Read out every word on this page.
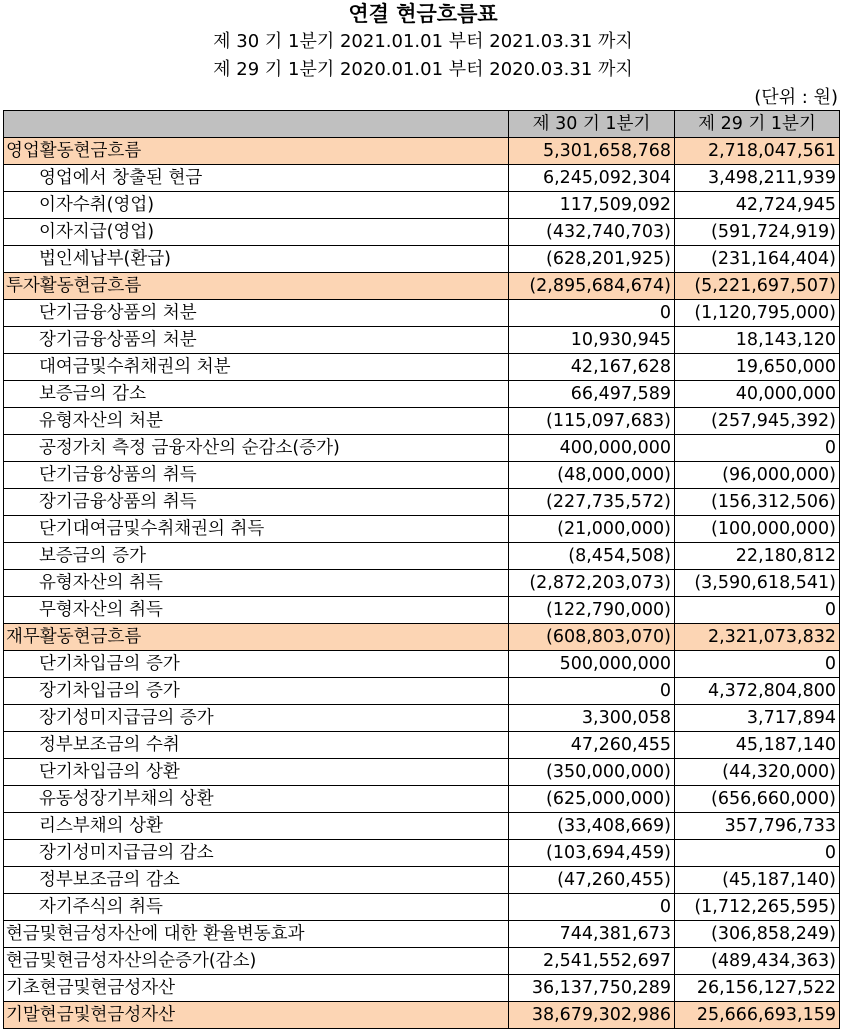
연결 현금흐름표
제 30 기 1분기 2021.01.01 부터 2021.03.31 까지
제 29 기 1분기 2020.01.01 부터 2020.03.31 까지
(단위 : 원)
	제 30 기 1분기	제 29 기 1분기
영업활동현금흐름	5,301,658,768	2,718,047,561
영업에서 창출된 현금	6,245,092,304	3,498,211,939
이자수취(영업)	117,509,092	42,724,945
이자지급(영업)	(432,740,703)	(591,724,919)
법인세납부(환급)	(628,201,925)	(231,164,404)
투자활동현금흐름	(2,895,684,674)	(5,221,697,507)
단기금융상품의 처분	0	(1,120,795,000)
장기금융상품의 처분	10,930,945	18,143,120
대여금및수취채권의 처분	42,167,628	19,650,000
보증금의 감소	66,497,589	40,000,000
유형자산의 처분	(115,097,683)	(257,945,392)
공정가치 측정 금융자산의 순감소(증가)	400,000,000	0
단기금융상품의 취득	(48,000,000)	(96,000,000)
장기금융상품의 취득	(227,735,572)	(156,312,506)
단기대여금및수취채권의 취득	(21,000,000)	(100,000,000)
보증금의 증가	(8,454,508)	22,180,812
유형자산의 취득	(2,872,203,073)	(3,590,618,541)
무형자산의 취득	(122,790,000)	0
재무활동현금흐름	(608,803,070)	2,321,073,832
단기차입금의 증가	500,000,000	0
장기차입금의 증가	0	4,372,804,800
장기성미지급금의 증가	3,300,058	3,717,894
정부보조금의 수취	47,260,455	45,187,140
단기차입금의 상환	(350,000,000)	(44,320,000)
유동성장기부채의 상환	(625,000,000)	(656,660,000)
리스부채의 상환	(33,408,669)	357,796,733
장기성미지급금의 감소	(103,694,459)	0
정부보조금의 감소	(47,260,455)	(45,187,140)
자기주식의 취득	0	(1,712,265,595)
현금및현금성자산에 대한 환율변동효과	744,381,673	(306,858,249)
현금및현금성자산의순증가(감소)	2,541,552,697	(489,434,363)
기초현금및현금성자산	36,137,750,289	26,156,127,522
기말현금및현금성자산	38,679,302,986	25,666,693,159
